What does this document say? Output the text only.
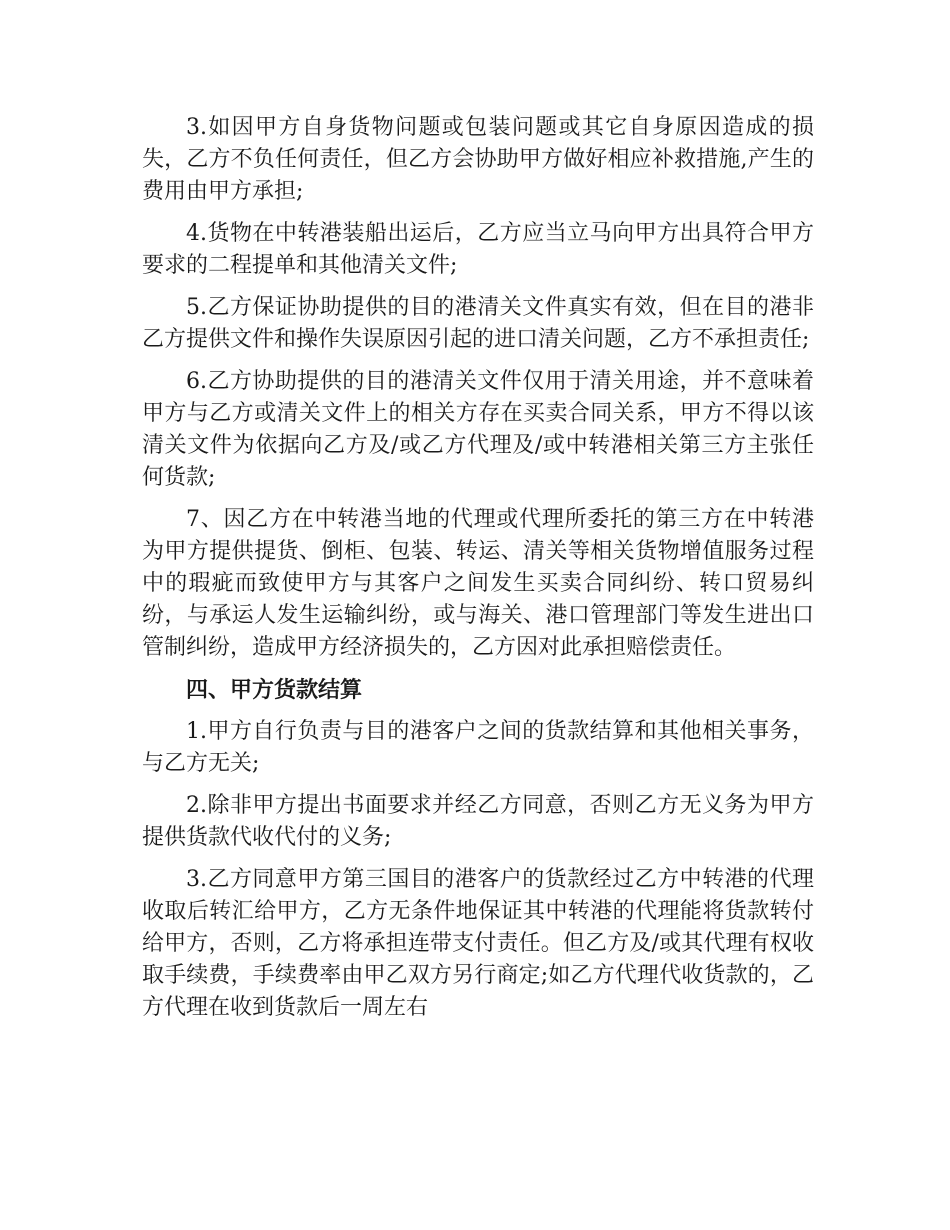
3.如因甲方自身货物问题或包装问题或其它自身原因造成的损失，乙方不负任何责任，但乙方会协助甲方做好相应补救措施,产生的费用由甲方承担;

4.货物在中转港装船出运后，乙方应当立马向甲方出具符合甲方要求的二程提单和其他清关文件;

5.乙方保证协助提供的目的港清关文件真实有效，但在目的港非乙方提供文件和操作失误原因引起的进口清关问题，乙方不承担责任;

6.乙方协助提供的目的港清关文件仅用于清关用途，并不意味着甲方与乙方或清关文件上的相关方存在买卖合同关系，甲方不得以该清关文件为依据向乙方及/或乙方代理及/或中转港相关第三方主张任何货款;

7、因乙方在中转港当地的代理或代理所委托的第三方在中转港为甲方提供提货、倒柜、包装、转运、清关等相关货物增值服务过程中的瑕疵而致使甲方与其客户之间发生买卖合同纠纷、转口贸易纠纷，与承运人发生运输纠纷，或与海关、港口管理部门等发生进出口管制纠纷，造成甲方经济损失的，乙方因对此承担赔偿责任。

四、甲方货款结算

1.甲方自行负责与目的港客户之间的货款结算和其他相关事务，与乙方无关;

2.除非甲方提出书面要求并经乙方同意，否则乙方无义务为甲方提供货款代收代付的义务;

3.乙方同意甲方第三国目的港客户的货款经过乙方中转港的代理收取后转汇给甲方，乙方无条件地保证其中转港的代理能将货款转付给甲方，否则，乙方将承担连带支付责任。但乙方及/或其代理有权收取手续费，手续费率由甲乙双方另行商定;如乙方代理代收货款的，乙方代理在收到货款后一周左右
